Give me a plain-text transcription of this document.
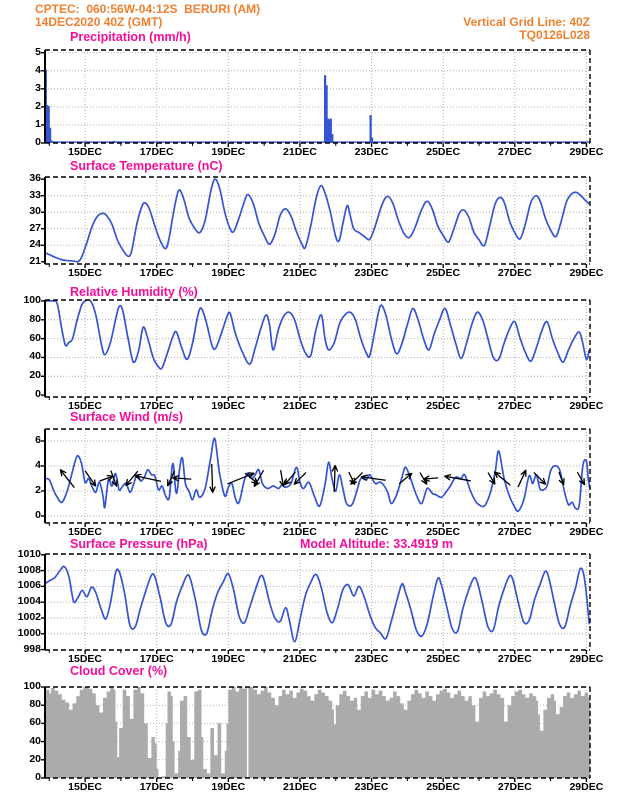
CPTEC:  060:56W-04:12S  BERURI (AM)
14DEC2020 40Z (GMT)	Vertical Grid Line: 40Z
TQ0126L028
Precipitation (mm/h)
Surface Temperature (nC)
Relative Humidity (%)
Surface Wind (m/s)
Surface Pressure (hPa)	Model Altitude: 33.4919 m
Cloud Cover (%)
0
1
2
3
4
5
15DEC	17DEC	19DEC	21DEC	23DEC	25DEC	27DEC	29DEC
21
24
27
30
33
36
15DEC	17DEC	19DEC	21DEC	23DEC	25DEC	27DEC	29DEC
0
20
40
60
80
100
15DEC	17DEC	19DEC	21DEC	23DEC	25DEC	27DEC	29DEC
0
2
4
6
15DEC	17DEC	19DEC	21DEC	23DEC	25DEC	27DEC	29DEC
998
1000
1002
1004
1006
1008
1010
15DEC	17DEC	19DEC	21DEC	23DEC	25DEC	27DEC	29DEC
0
20
40
60
80
100
15DEC	17DEC	19DEC	21DEC	23DEC	25DEC	27DEC	29DEC
